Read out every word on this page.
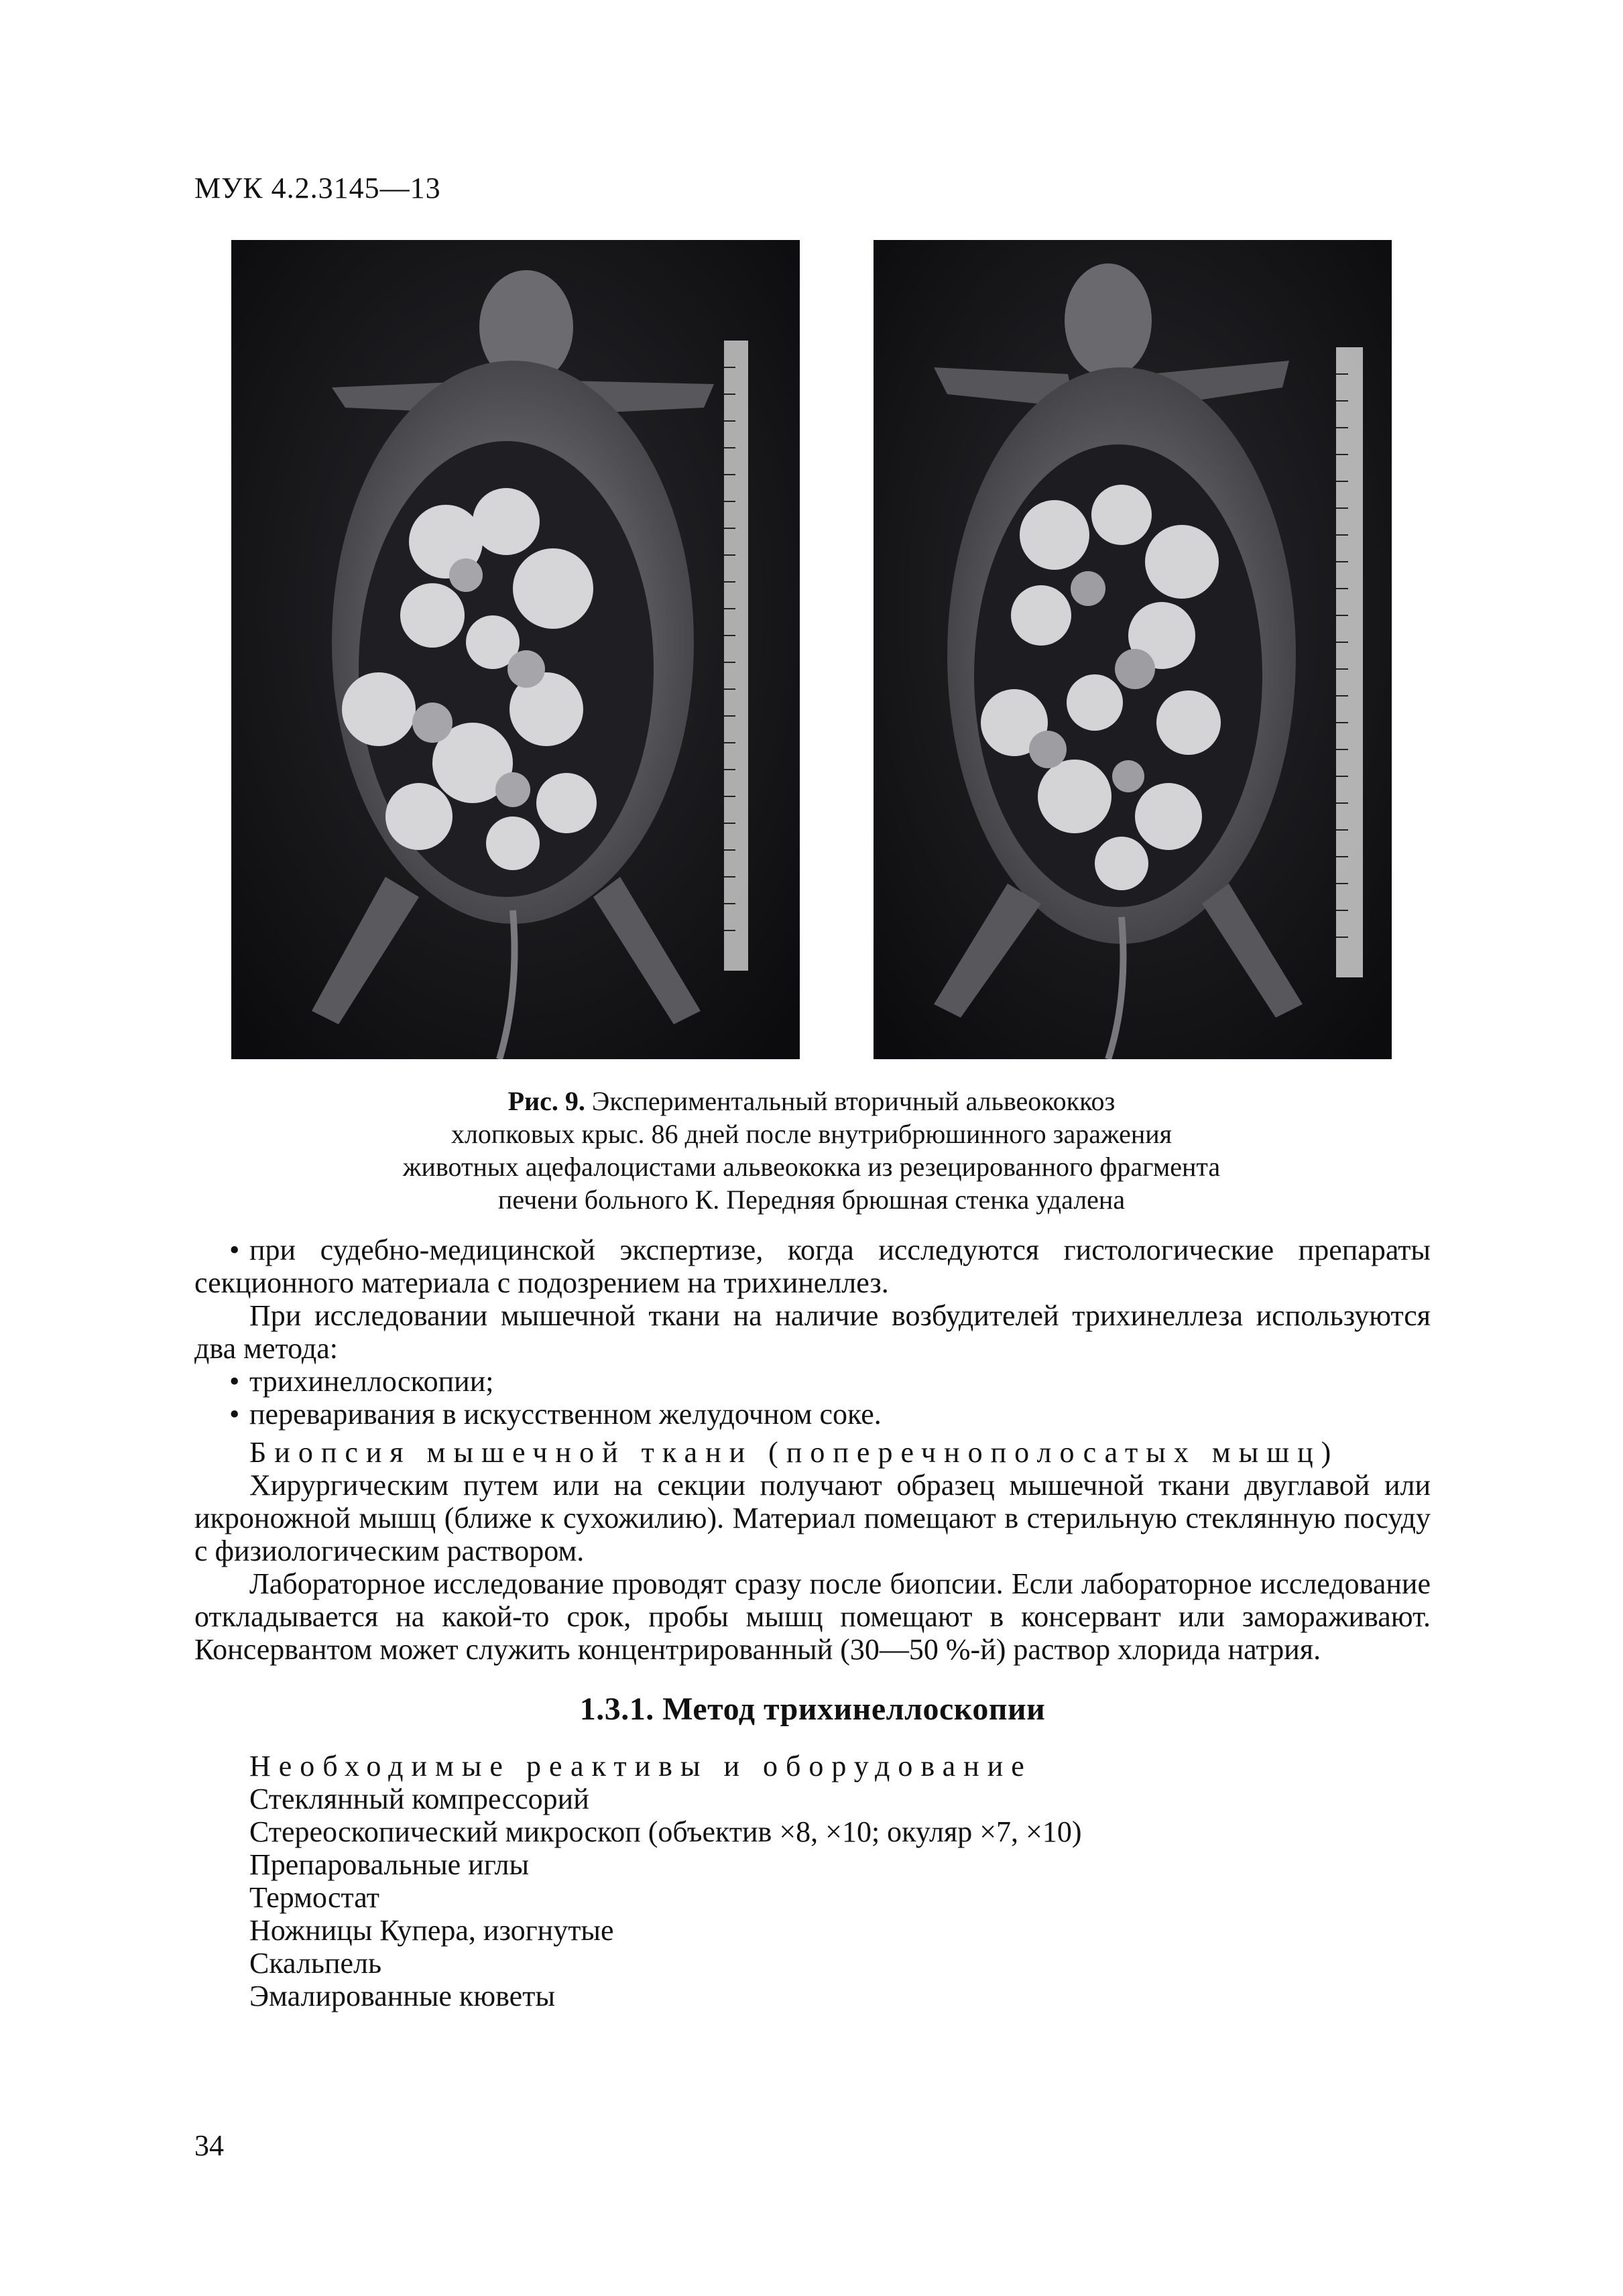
МУК 4.2.3145—13
Рис. 9. Экспериментальный вторичный альвеококкоз
хлопковых крыс. 86 дней после внутрибрюшинного заражения
животных ацефалоцистами альвеококка из резецированного фрагмента
печени больного К. Передняя брюшная стенка удалена
• при судебно-медицинской экспертизе, когда исследуются гистологические препараты секционного материала с подозрением на трихинеллез.
При исследовании мышечной ткани на наличие возбудителей трихинеллеза используются два метода:
• трихинеллоскопии;
• переваривания в искусственном желудочном соке.
Биопсия мышечной ткани (поперечнополосатых мышц)
Хирургическим путем или на секции получают образец мышечной ткани двуглавой или икроножной мышц (ближе к сухожилию). Материал помещают в стерильную стеклянную посуду с физиологическим раствором.
Лабораторное исследование проводят сразу после биопсии. Если лабораторное исследование откладывается на какой-то срок, пробы мышц помещают в консервант или замораживают. Консервантом может служить концентрированный (30—50 %-й) раствор хлорида натрия.
1.3.1. Метод трихинеллоскопии
Необходимые реактивы и оборудование
Стеклянный компрессорий
Стереоскопический микроскоп (объектив ×8, ×10; окуляр ×7, ×10)
Препаровальные иглы
Термостат
Ножницы Купера, изогнутые
Скальпель
Эмалированные кюветы
34
